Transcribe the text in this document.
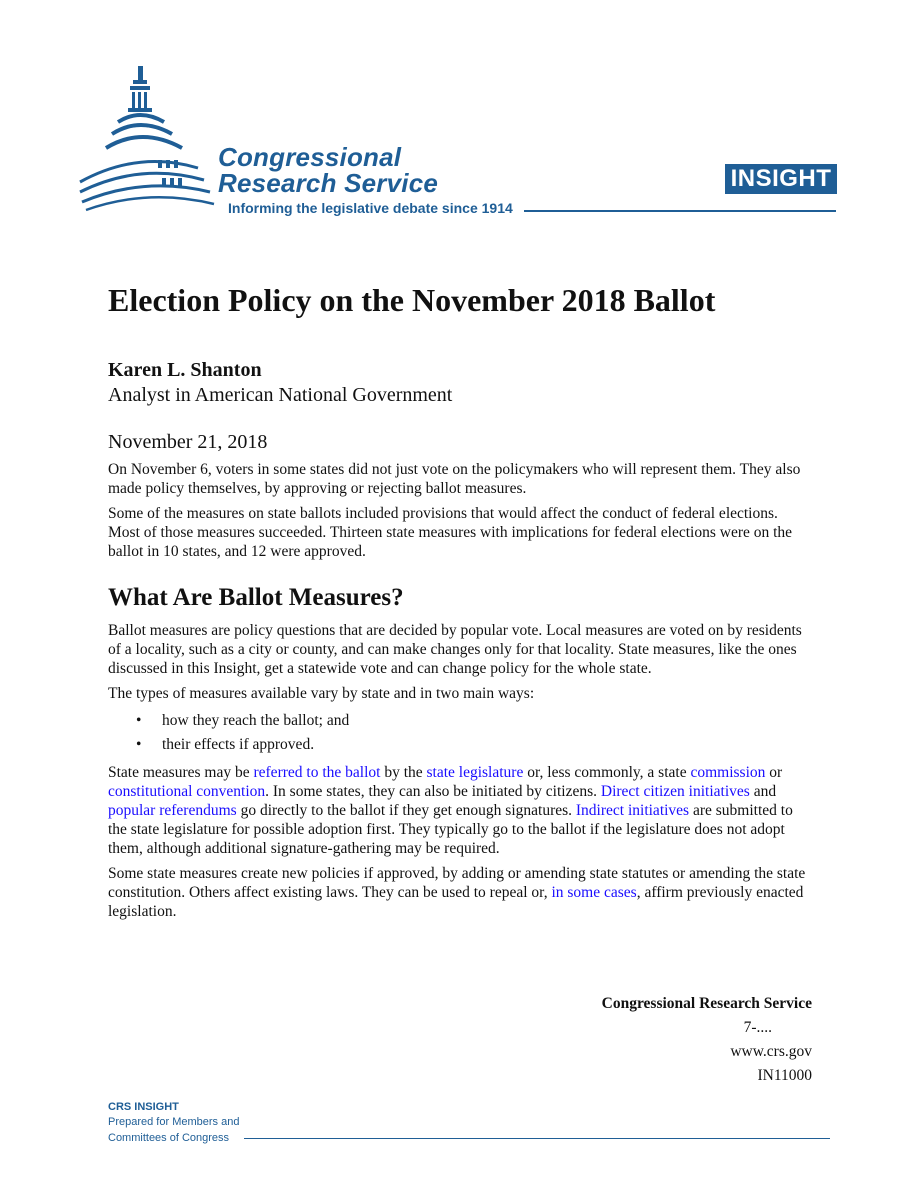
Congressional
Research Service
Informing the legislative debate since 1914
INSIGHT
Election Policy on the November 2018 Ballot
Karen L. Shanton
Analyst in American National Government
November 21, 2018

On November 6, voters in some states did not just vote on the policymakers who will represent them. They also made policy themselves, by approving or rejecting ballot measures.

Some of the measures on state ballots included provisions that would affect the conduct of federal elections. Most of those measures succeeded. Thirteen state measures with implications for federal elections were on the ballot in 10 states, and 12 were approved.

What Are Ballot Measures?

Ballot measures are policy questions that are decided by popular vote. Local measures are voted on by residents of a locality, such as a city or county, and can make changes only for that locality. State measures, like the ones discussed in this Insight, get a statewide vote and can change policy for the whole state.

The types of measures available vary by state and in two main ways:

• how they reach the ballot; and
• their effects if approved.

State measures may be referred to the ballot by the state legislature or, less commonly, a state commission or constitutional convention. In some states, they can also be initiated by citizens. Direct citizen initiatives and popular referendums go directly to the ballot if they get enough signatures. Indirect initiatives are submitted to the state legislature for possible adoption first. They typically go to the ballot if the legislature does not adopt them, although additional signature-gathering may be required.

Some state measures create new policies if approved, by adding or amending state statutes or amending the state constitution. Others affect existing laws. They can be used to repeal or, in some cases, affirm previously enacted legislation.

Congressional Research Service
7-....
www.crs.gov
IN11000
CRS INSIGHT
Prepared for Members and
Committees of Congress
